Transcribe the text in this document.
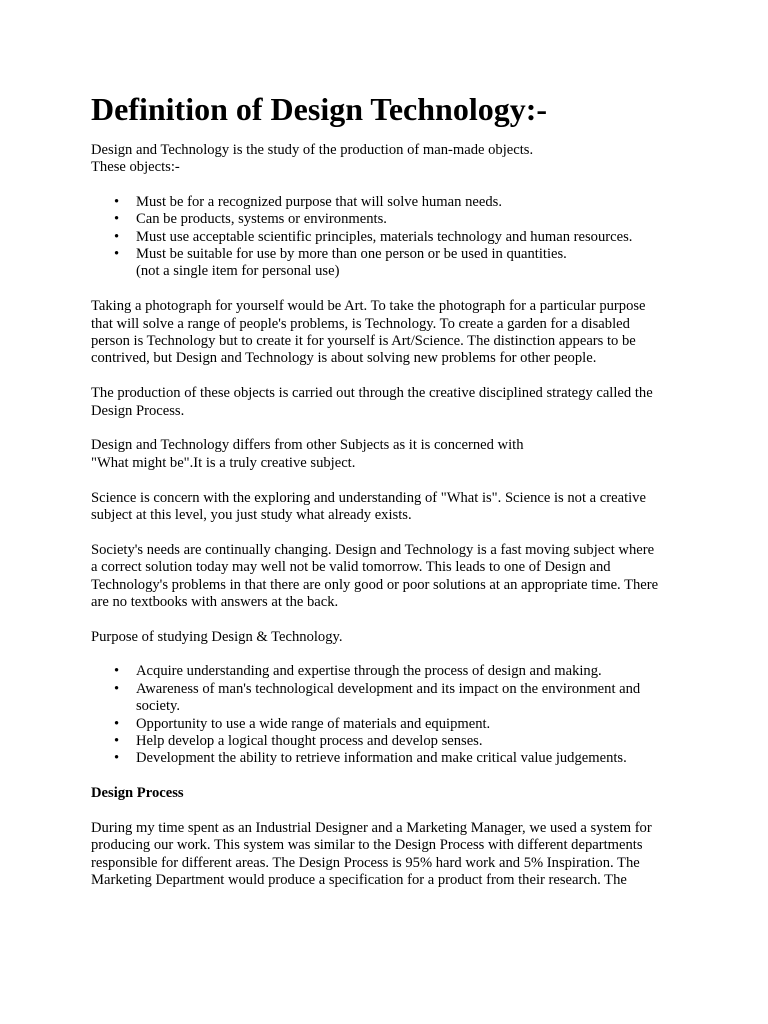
Definition of Design Technology:-

Design and Technology is the study of the production of man-made objects.
These objects:-

• Must be for a recognized purpose that will solve human needs.
• Can be products, systems or environments.
• Must use acceptable scientific principles, materials technology and human resources.
• Must be suitable for use by more than one person or be used in quantities.
(not a single item for personal use)

Taking a photograph for yourself would be Art. To take the photograph for a particular purpose
that will solve a range of people's problems, is Technology. To create a garden for a disabled
person is Technology but to create it for yourself is Art/Science. The distinction appears to be
contrived, but Design and Technology is about solving new problems for other people.

The production of these objects is carried out through the creative disciplined strategy called the
Design Process.

Design and Technology differs from other Subjects as it is concerned with
"What might be".It is a truly creative subject.

Science is concern with the exploring and understanding of "What is". Science is not a creative
subject at this level, you just study what already exists.

Society's needs are continually changing. Design and Technology is a fast moving subject where
a correct solution today may well not be valid tomorrow. This leads to one of Design and
Technology's problems in that there are only good or poor solutions at an appropriate time. There
are no textbooks with answers at the back.

Purpose of studying Design & Technology.

• Acquire understanding and expertise through the process of design and making.
• Awareness of man's technological development and its impact on the environment and
society.
• Opportunity to use a wide range of materials and equipment.
• Help develop a logical thought process and develop senses.
• Development the ability to retrieve information and make critical value judgements.

Design Process

During my time spent as an Industrial Designer and a Marketing Manager, we used a system for
producing our work. This system was similar to the Design Process with different departments
responsible for different areas. The Design Process is 95% hard work and 5% Inspiration. The
Marketing Department would produce a specification for a product from their research. The
